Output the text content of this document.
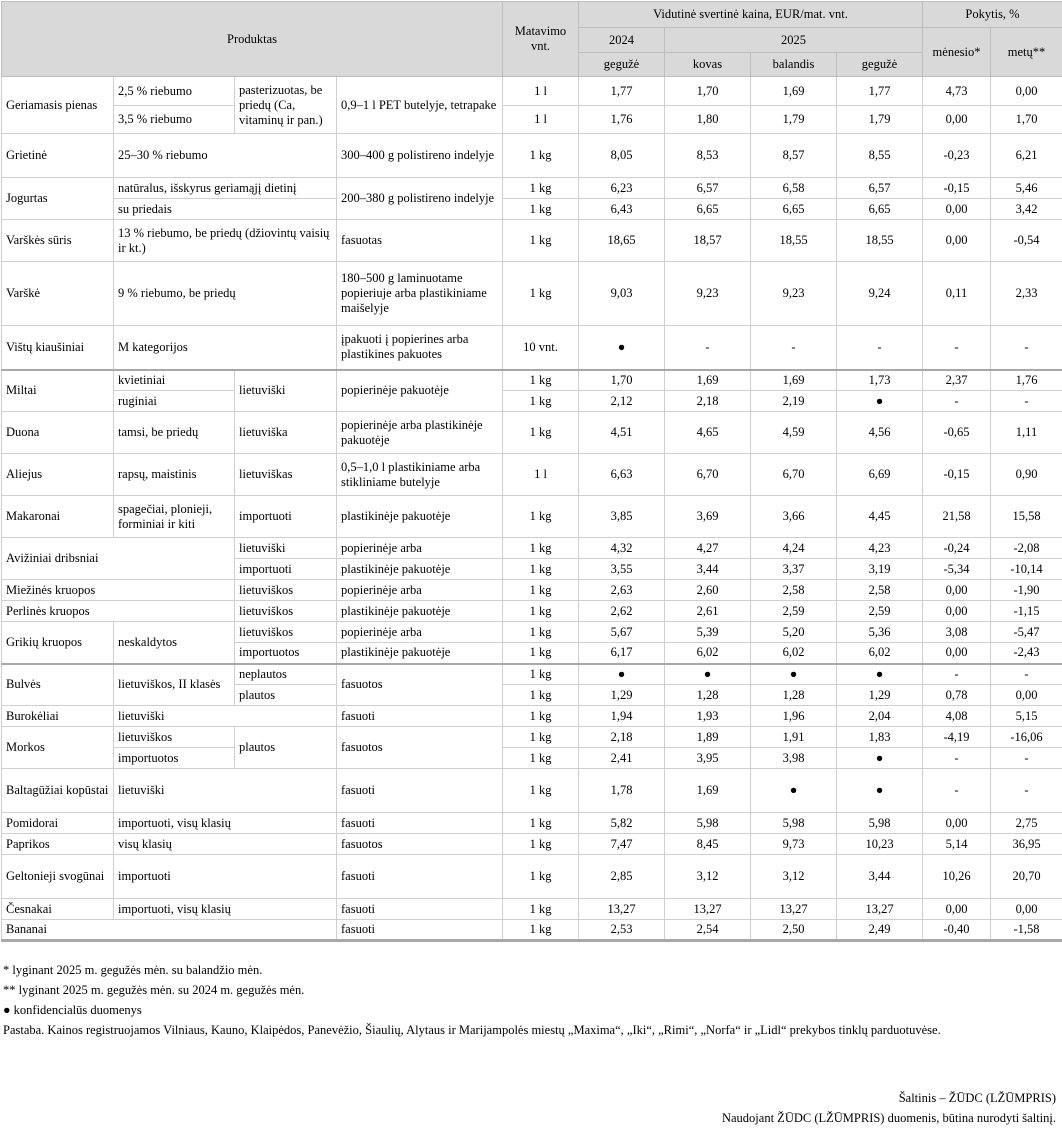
Produktas				Matavimo vnt.	Vidutinė svertinė kaina, EUR/mat. vnt.				Pokytis, %	
					2024	2025			mėnesio*	metų**
					gegužė	kovas	balandis	gegužė		
Geriamasis pienas	2,5 % riebumo	pasterizuotas, be priedų (Ca, vitaminų ir pan.)	0,9–1 l PET butelyje, tetrapake	1 l	1,77	1,70	1,69	1,77	4,73	0,00
	3,5 % riebumo			1 l	1,76	1,80	1,79	1,79	0,00	1,70
Grietinė	25–30 % riebumo		300–400 g polistireno indelyje	1 kg	8,05	8,53	8,57	8,55	-0,23	6,21
Jogurtas	natūralus, išskyrus geriamąjį dietinį		200–380 g polistireno indelyje	1 kg	6,23	6,57	6,58	6,57	-0,15	5,46
	su priedais			1 kg	6,43	6,65	6,65	6,65	0,00	3,42
Varškės sūris	13 % riebumo, be priedų (džiovintų vaisių ir kt.)		fasuotas	1 kg	18,65	18,57	18,55	18,55	0,00	-0,54
Varškė	9 % riebumo, be priedų		180–500 g laminuotame popieriuje arba plastikiniame maišelyje	1 kg	9,03	9,23	9,23	9,24	0,11	2,33
Vištų kiaušiniai	M kategorijos		įpakuoti į popierines arba plastikines pakuotes	10 vnt.	●	-	-	-	-	-
Miltai	kvietiniai	lietuviški	popierinėje pakuotėje	1 kg	1,70	1,69	1,69	1,73	2,37	1,76
	ruginiai			1 kg	2,12	2,18	2,19	●	-	-
Duona	tamsi, be priedų	lietuviška	popierinėje arba plastikinėje pakuotėje	1 kg	4,51	4,65	4,59	4,56	-0,65	1,11
Aliejus	rapsų, maistinis	lietuviškas	0,5–1,0 l plastikiniame arba stikliniame butelyje	1 l	6,63	6,70	6,70	6,69	-0,15	0,90
Makaronai	spagečiai, plonieji, forminiai ir kiti	importuoti	plastikinėje pakuotėje	1 kg	3,85	3,69	3,66	4,45	21,58	15,58
Avižiniai dribsniai		lietuviški	popierinėje arba	1 kg	4,32	4,27	4,24	4,23	-0,24	-2,08
		importuoti	plastikinėje pakuotėje	1 kg	3,55	3,44	3,37	3,19	-5,34	-10,14
Miežinės kruopos		lietuviškos	popierinėje arba	1 kg	2,63	2,60	2,58	2,58	0,00	-1,90
Perlinės kruopos		lietuviškos	plastikinėje pakuotėje	1 kg	2,62	2,61	2,59	2,59	0,00	-1,15
Grikių kruopos	neskaldytos	lietuviškos	popierinėje arba	1 kg	5,67	5,39	5,20	5,36	3,08	-5,47
		importuotos	plastikinėje pakuotėje	1 kg	6,17	6,02	6,02	6,02	0,00	-2,43
Bulvės	lietuviškos, II klasės	neplautos	fasuotos	1 kg	●	●	●	●	-	-
		plautos		1 kg	1,29	1,28	1,28	1,29	0,78	0,00
Burokėliai	lietuviški		fasuoti	1 kg	1,94	1,93	1,96	2,04	4,08	5,15
Morkos	lietuviškos	plautos	fasuotos	1 kg	2,18	1,89	1,91	1,83	-4,19	-16,06
	importuotos			1 kg	2,41	3,95	3,98	●	-	-
Baltagūžiai kopūstai	lietuviški		fasuoti	1 kg	1,78	1,69	●	●	-	-
Pomidorai	importuoti, visų klasių		fasuoti	1 kg	5,82	5,98	5,98	5,98	0,00	2,75
Paprikos	visų klasių		fasuotos	1 kg	7,47	8,45	9,73	10,23	5,14	36,95
Geltonieji svogūnai	importuoti		fasuoti	1 kg	2,85	3,12	3,12	3,44	10,26	20,70
Česnakai	importuoti, visų klasių		fasuoti	1 kg	13,27	13,27	13,27	13,27	0,00	0,00
Bananai			fasuoti	1 kg	2,53	2,54	2,50	2,49	-0,40	-1,58
* lyginant 2025 m. gegužės mėn. su balandžio mėn.
** lyginant 2025 m. gegužės mėn. su 2024 m. gegužės mėn.
● konfidencialūs duomenys
Pastaba. Kainos registruojamos Vilniaus, Kauno, Klaipėdos, Panevėžio, Šiaulių, Alytaus ir Marijampolės miestų „Maxima“, „Iki“, „Rimi“, „Norfa“ ir „Lidl“ prekybos tinklų parduotuvėse.
Šaltinis – ŽŪDC (LŽŪMPRIS)
Naudojant ŽŪDC (LŽŪMPRIS) duomenis, būtina nurodyti šaltinį.
